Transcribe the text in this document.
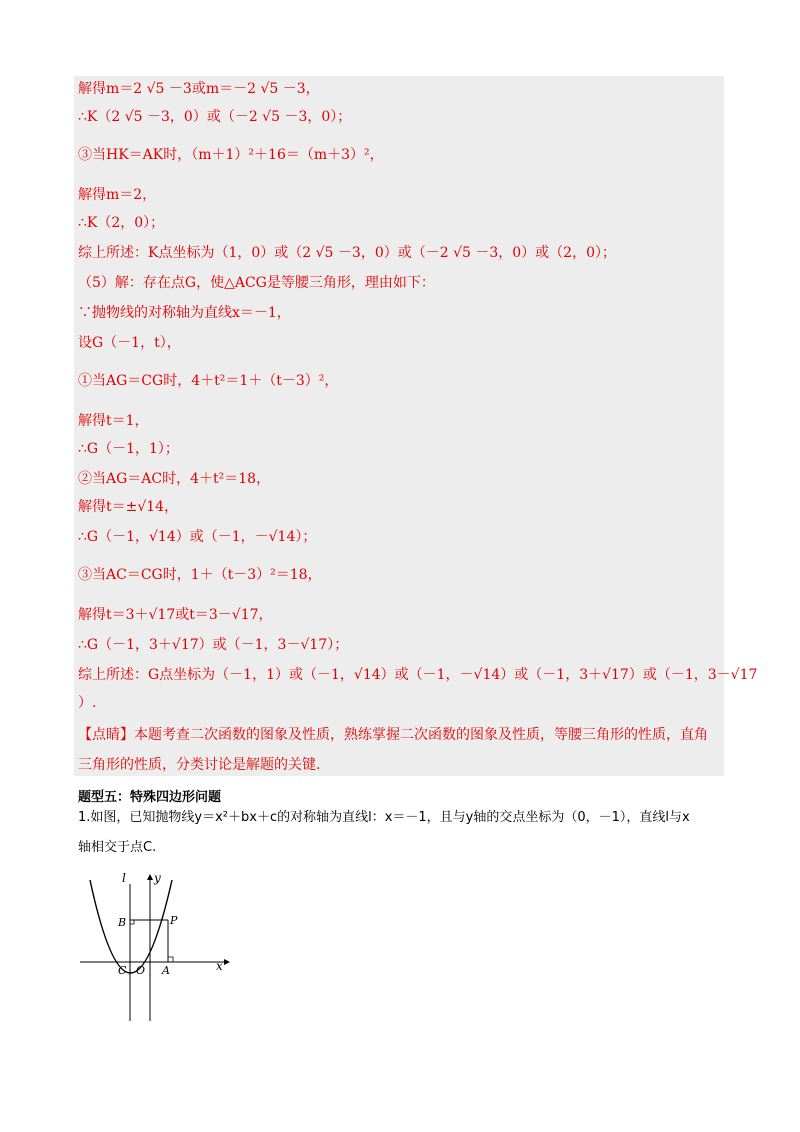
解得m＝2 √5 －3或m＝－2 √5 －3，
∴K（2 √5 －3，0）或（－2 √5 －3，0）；
③当HK＝AK时，（m＋1）²＋16＝（m＋3）²，
解得m＝2，
∴K（2，0）；
综上所述：K点坐标为（1，0）或（2 √5 －3，0）或（－2 √5 －3，0）或（2，0）；
（5）解：存在点G，使△ACG是等腰三角形，理由如下：
∵抛物线的对称轴为直线x＝－1，
设G（－1，t），
①当AG＝CG时，4＋t²＝1＋（t－3）²，
解得t＝1，
∴G（－1，1）；
②当AG＝AC时，4＋t²＝18，
解得t＝±√14，
∴G（－1，√14）或（－1，－√14）；
③当AC＝CG时，1＋（t－3）²＝18，
解得t＝3＋√17或t＝3－√17，
∴G（－1，3＋√17）或（－1，3－√17）；
综上所述：G点坐标为（－1，1）或（－1，√14）或（－1，－√14）或（－1，3＋√17）或（－1，3－√17
）.
【点睛】本题考查二次函数的图象及性质，熟练掌握二次函数的图象及性质，等腰三角形的性质，直角
三角形的性质，分类讨论是解题的关键.
题型五：特殊四边形问题
1.如图，已知抛物线y＝x²＋bx＋c的对称轴为直线l：x＝－1，且与y轴的交点坐标为（0，－1），直线l与x
轴相交于点C.
l y
B	P
C O A	x
